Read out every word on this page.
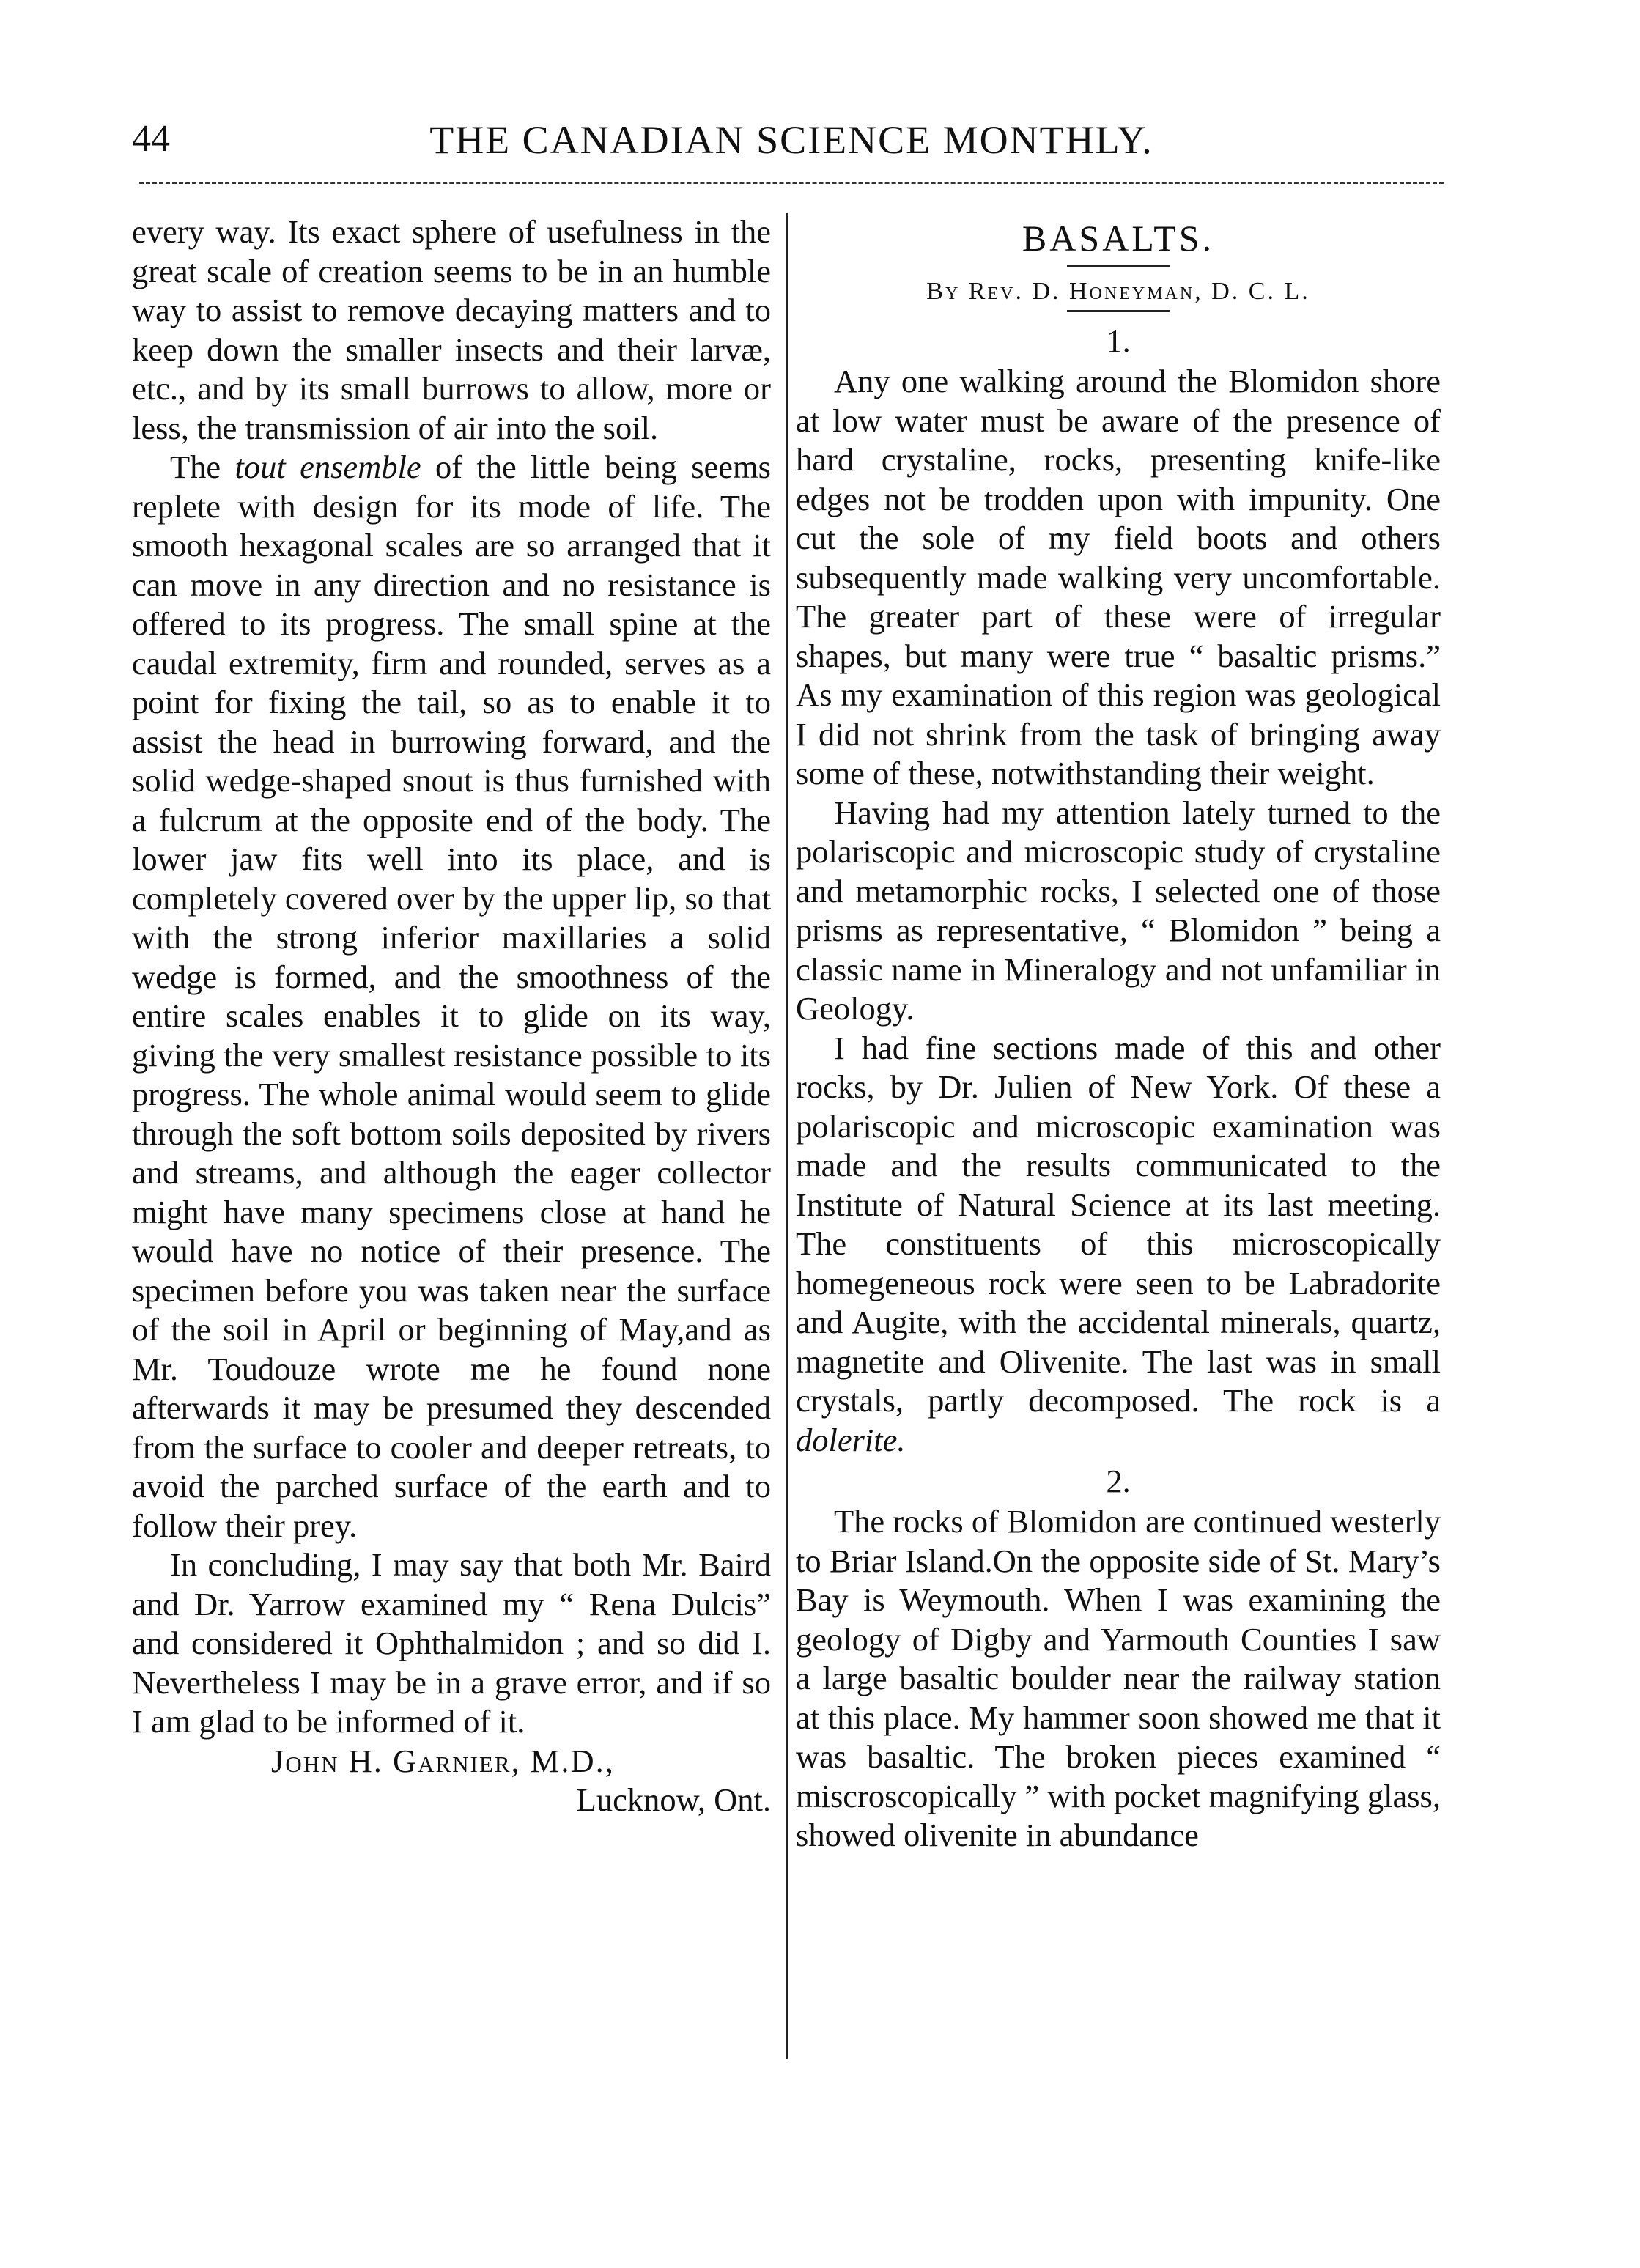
44	THE CANADIAN SCIENCE MONTHLY.

every way. Its exact sphere of usefulness in the great scale of creation seems to be in an humble way to assist to remove decaying matters and to keep down the smaller insects and their larvæ, etc., and by its small burrows to allow, more or less, the transmission of air into the soil.

The tout ensemble of the little being seems replete with design for its mode of life. The smooth hexagonal scales are so arranged that it can move in any direction and no resistance is offered to its progress. The small spine at the caudal extremity, firm and rounded, serves as a point for fixing the tail, so as to enable it to assist the head in burrowing forward, and the solid wedge-shaped snout is thus furnished with a fulcrum at the opposite end of the body. The lower jaw fits well into its place, and is completely covered over by the upper lip, so that with the strong inferior maxillaries a solid wedge is formed, and the smoothness of the entire scales enables it to glide on its way, giving the very smallest resistance possible to its progress. The whole animal would seem to glide through the soft bottom soils deposited by rivers and streams, and although the eager collector might have many specimens close at hand he would have no notice of their presence. The specimen before you was taken near the surface of the soil in April or beginning of May,and as Mr. Toudouze wrote me he found none afterwards it may be presumed they descended from the surface to cooler and deeper retreats, to avoid the parched surface of the earth and to follow their prey.

In concluding, I may say that both Mr. Baird and Dr. Yarrow examined my “ Rena Dulcis” and considered it Ophthalmidon ; and so did I. Nevertheless I may be in a grave error, and if so I am glad to be informed of it.

John H. Garnier, M.D.,

Lucknow, Ont.

BASALTS.
By Rev. D. Honeyman, D. C. L.
1.

Any one walking around the Blomidon shore at low water must be aware of the presence of hard crystaline, rocks, presenting knife-like edges not be trodden upon with impunity. One cut the sole of my field boots and others subsequently made walking very uncomfortable. The greater part of these were of irregular shapes, but many were true “ basaltic prisms.” As my examination of this region was geological I did not shrink from the task of bringing away some of these, notwithstanding their weight.

Having had my attention lately turned to the polariscopic and microscopic study of crystaline and metamorphic rocks, I selected one of those prisms as representative, “ Blomidon ” being a classic name in Mineralogy and not unfamiliar in Geology.

I had fine sections made of this and other rocks, by Dr. Julien of New York. Of these a polariscopic and microscopic examination was made and the results communicated to the Institute of Natural Science at its last meeting. The constituents of this microscopically homegeneous rock were seen to be Labradorite and Augite, with the accidental minerals, quartz, magnetite and Olivenite. The last was in small crystals, partly decomposed. The rock is a dolerite.

2.

The rocks of Blomidon are continued westerly to Briar Island.On the opposite side of St. Mary’s Bay is Weymouth. When I was examining the geology of Digby and Yarmouth Counties I saw a large basaltic boulder near the railway station at this place. My hammer soon showed me that it was basaltic. The broken pieces examined “ miscroscopically ” with pocket magnifying glass, showed olivenite in abundance
